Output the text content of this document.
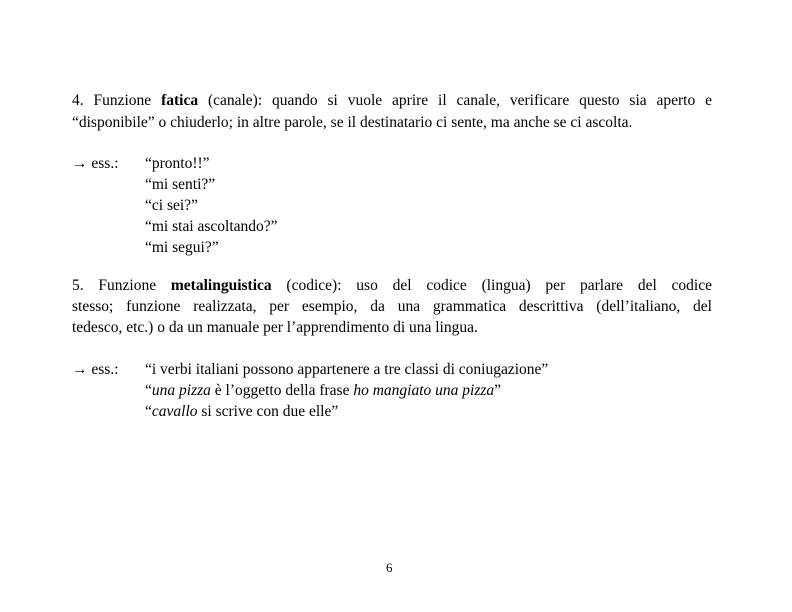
4. Funzione fatica (canale): quando si vuole aprire il canale, verificare questo sia aperto e
“disponibile” o chiuderlo; in altre parole, se il destinatario ci sente, ma anche se ci ascolta.
→ ess.: “pronto!!”
“mi senti?”
“ci sei?”
“mi stai ascoltando?”
“mi segui?”
5. Funzione metalinguistica (codice): uso del codice (lingua) per parlare del codice
stesso; funzione realizzata, per esempio, da una grammatica descrittiva (dell’italiano, del
tedesco, etc.) o da un manuale per l’apprendimento di una lingua.
→ ess.: “i verbi italiani possono appartenere a tre classi di coniugazione”
“una pizza è l’oggetto della frase ho mangiato una pizza”
“cavallo si scrive con due elle”
6
